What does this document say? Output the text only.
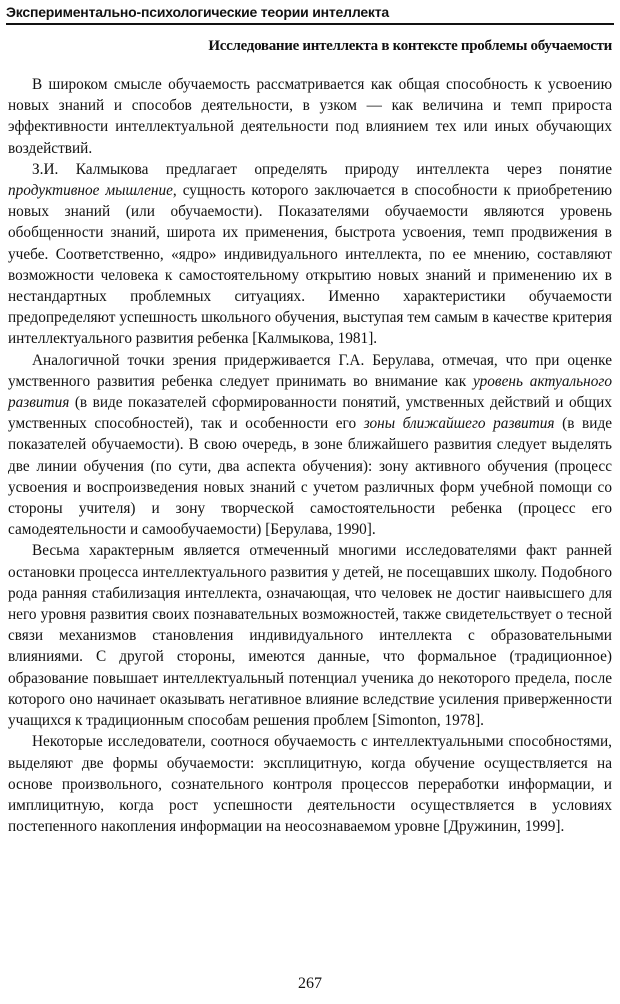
Экспериментально-психологические теории интеллекта
Исследование интеллекта в контексте проблемы обучаемости

В широком смысле обучаемость рассматривается как общая способность к усвоению новых знаний и способов деятельности, в узком — как величина и темп прироста эффективности интеллектуальной деятельности под влиянием тех или иных обучающих воздействий.

З.И. Калмыкова предлагает определять природу интеллекта через понятие продуктивное мышление, сущность которого заключается в способности к приобретению новых знаний (или обучаемости). Показателями обучаемости являются уровень обобщенности знаний, широта их применения, быстрота усвоения, темп продвижения в учебе. Соответственно, «ядро» индивидуального интеллекта, по ее мнению, составляют возможности человека к самостоятельному открытию новых знаний и применению их в нестандартных проблемных ситуациях. Именно характеристики обучаемости предопределяют успешность школьного обучения, выступая тем самым в качестве критерия интеллектуального развития ребенка [Калмыкова, 1981].

Аналогичной точки зрения придерживается Г.А. Берулава, отмечая, что при оценке умственного развития ребенка следует принимать во внимание как уровень актуального развития (в виде показателей сформированности понятий, умственных действий и общих умственных способностей), так и особенности его зоны ближайшего развития (в виде показателей обучаемости). В свою очередь, в зоне ближайшего развития следует выделять две линии обучения (по сути, два аспекта обучения): зону активного обучения (процесс усвоения и воспроизведения новых знаний с учетом различных форм учебной помощи со стороны учителя) и зону творческой самостоятельности ребенка (процесс его самодеятельности и самообучаемости) [Берулава, 1990].

Весьма характерным является отмеченный многими исследователями факт ранней остановки процесса интеллектуального развития у детей, не посещавших школу. Подобного рода ранняя стабилизация интеллекта, означающая, что человек не достиг наивысшего для него уровня развития своих познавательных возможностей, также свидетельствует о тесной связи механизмов становления индивидуального интеллекта с образовательными влияниями. С другой стороны, имеются данные, что формальное (традиционное) образование повышает интеллектуальный потенциал ученика до некоторого предела, после которого оно начинает оказывать негативное влияние вследствие усиления приверженности учащихся к традиционным способам решения проблем [Simonton, 1978].

Некоторые исследователи, соотнося обучаемость с интеллектуальными способностями, выделяют две формы обучаемости: эксплицитную, когда обучение осуществляется на основе произвольного, сознательного контроля процессов переработки информации, и имплицитную, когда рост успешности деятельности осуществляется в условиях постепенного накопления информации на неосознаваемом уровне [Дружинин, 1999].

267
